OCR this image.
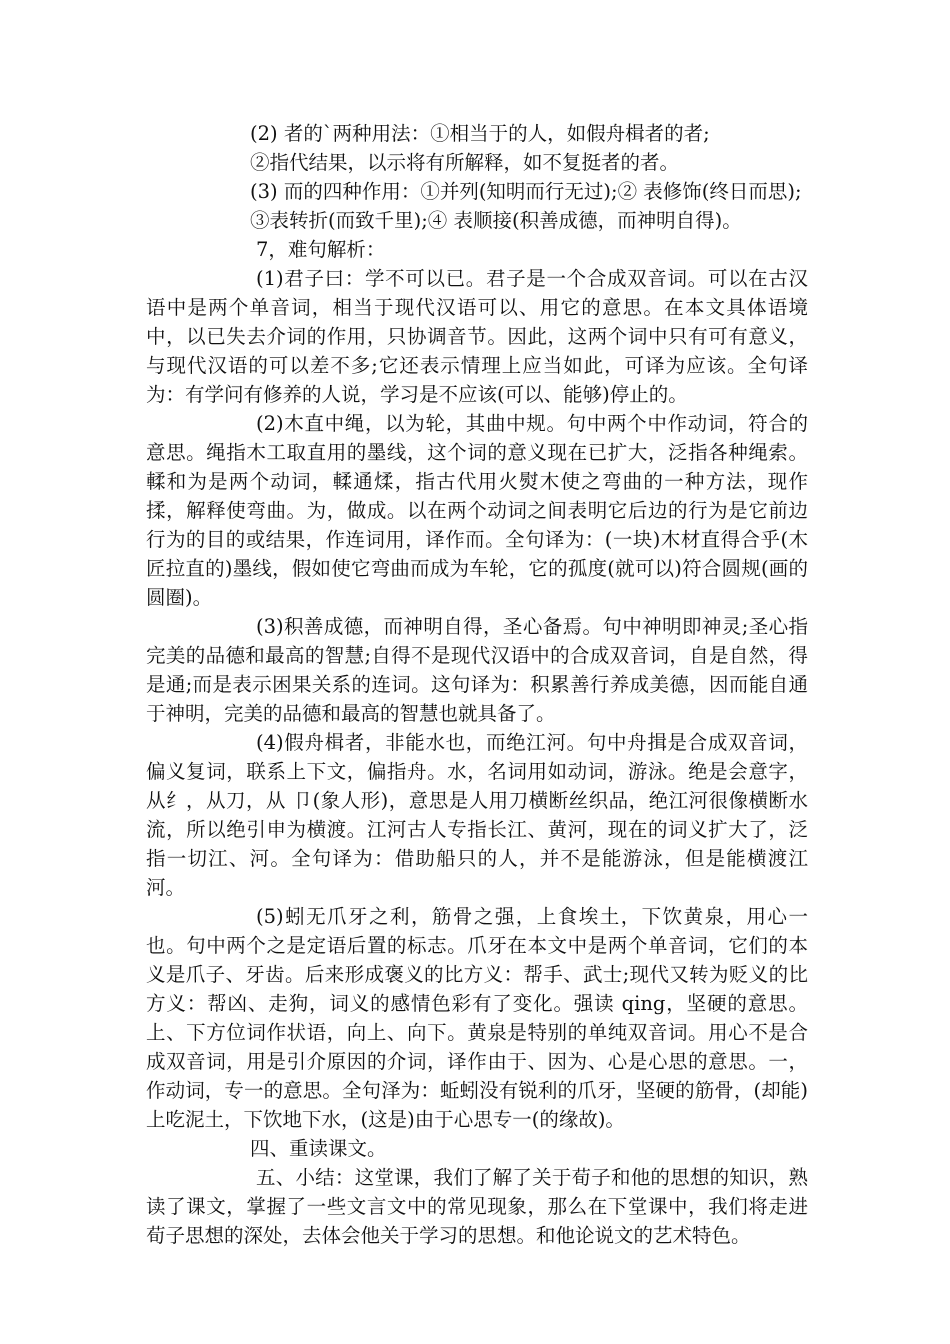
(2) 者的`两种用法：①相当于的人，如假舟楫者的者;

②指代结果，以示将有所解释，如不复挺者的者。

(3) 而的四种作用：①并列(知明而行无过);② 表修饰(终日而思);

③表转折(而致千里);④ 表顺接(积善成德，而神明自得)。

7，难句解析：

(1)君子曰：学不可以已。君子是一个合成双音词。可以在古汉语中是两个单音词，相当于现代汉语可以、用它的意思。在本文具体语境中，以已失去介词的作用，只协调音节。因此，这两个词中只有可有意义，与现代汉语的可以差不多;它还表示情理上应当如此，可译为应该。全句译为：有学问有修养的人说，学习是不应该(可以、能够)停止的。

(2)木直中绳，以为轮，其曲中规。句中两个中作动词，符合的意思。绳指木工取直用的墨线，这个词的意义现在已扩大，泛指各种绳索。輮和为是两个动词，輮通煣，指古代用火熨木使之弯曲的一种方法，现作揉，解释使弯曲。为，做成。以在两个动词之间表明它后边的行为是它前边行为的目的或结果，作连词用，译作而。全句译为：(一块)木材直得合乎(木匠拉直的)墨线，假如使它弯曲而成为车轮，它的孤度(就可以)符合圆规(画的圆圈)。

(3)积善成德，而神明自得，圣心备焉。句中神明即神灵;圣心指完美的品德和最高的智慧;自得不是现代汉语中的合成双音词，自是自然，得是通;而是表示困果关系的连词。这句译为：积累善行养成美德，因而能自通于神明，完美的品德和最高的智慧也就具备了。

(4)假舟楫者，非能水也，而绝江河。句中舟揖是合成双音词，偏义复词，联系上下文，偏指舟。水，名词用如动词，游泳。绝是会意字，从纟，从刀，从 卩(象人形)，意思是人用刀横断丝织品，绝江河很像横断水流，所以绝引申为横渡。江河古人专指长江、黄河，现在的词义扩大了，泛指一切江、河。全句译为：借助船只的人，并不是能游泳，但是能横渡江河。

(5)蚓无爪牙之利，筋骨之强，上食埃土，下饮黄泉，用心一也。句中两个之是定语后置的标志。爪牙在本文中是两个单音词，它们的本义是爪子、牙齿。后来形成褒义的比方义：帮手、武士;现代又转为贬义的比方义：帮凶、走狗，词义的感情色彩有了变化。强读 qing，坚硬的意思。上、下方位词作状语，向上、向下。黄泉是特别的单纯双音词。用心不是合成双音词，用是引介原因的介词，译作由于、因为、心是心思的意思。一，作动词，专一的意思。全句泽为：蚯蚓没有锐利的爪牙，坚硬的筋骨，(却能)上吃泥土，下饮地下水，(这是)由于心思专一(的缘故)。

四、重读课文。

五、小结：这堂课，我们了解了关于荀子和他的思想的知识，熟读了课文，掌握了一些文言文中的常见现象，那么在下堂课中，我们将走进荀子思想的深处，去体会他关于学习的思想。和他论说文的艺术特色。
